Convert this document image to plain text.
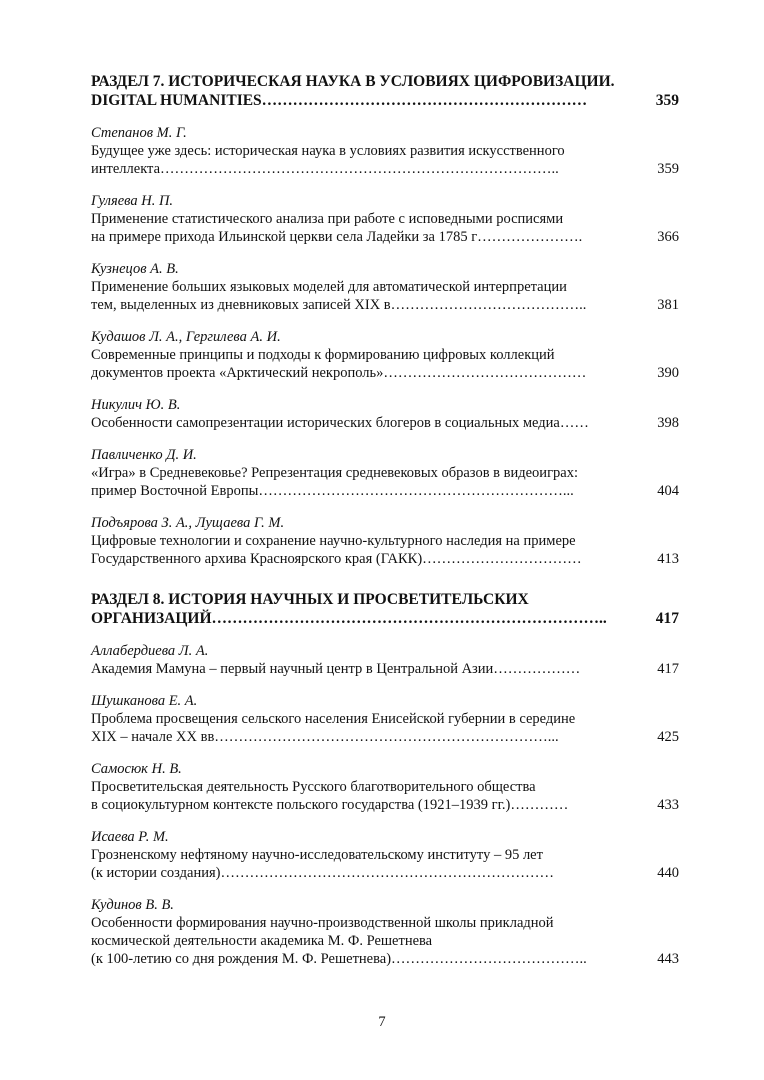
РАЗДЕЛ 7. ИСТОРИЧЕСКАЯ НАУКА В УСЛОВИЯХ ЦИФРОВИЗАЦИИ.
DIGITAL HUMANITIES………………………………………………………	359
Степанов М. Г.
Будущее уже здесь: историческая наука в условиях развития искусственного
интеллекта………………………………………………………………………..	359
Гуляева Н. П.
Применение статистического анализа при работе с исповедными росписями
на примере прихода Ильинской церкви села Ладейки за 1785 г………………….	366
Кузнецов А. В.
Применение больших языковых моделей для автоматической интерпретации
тем, выделенных из дневниковых записей XIX в…………………………………..	381
Кудашов Л. А., Гергилева А. И.
Современные принципы и подходы к формированию цифровых коллекций
документов проекта «Арктический некрополь»……………………………………	390
Никулич Ю. В.
Особенности самопрезентации исторических блогеров в социальных медиа……	398
Павличенко Д. И.
«Игра» в Средневековье? Репрезентация средневековых образов в видеоиграх:
пример Восточной Европы………………………………………………………...	404
Подъярова З. А., Лущаева Г. М.
Цифровые технологии и сохранение научно-культурного наследия на примере
Государственного архива Красноярского края (ГАКК)……………………………	413
РАЗДЕЛ 8. ИСТОРИЯ НАУЧНЫХ И ПРОСВЕТИТЕЛЬСКИХ
ОРГАНИЗАЦИЙ…………………………………………………………………..	417
Аллабердиева Л. А.
Академия Мамуна – первый научный центр в Центральной Азии………………	417
Шушканова Е. А.
Проблема просвещения сельского населения Енисейской губернии в середине
XIX – начале XX вв……………………………………………………………...	425
Самосюк Н. В.
Просветительская деятельность Русского благотворительного общества
в социокультурном контексте польского государства (1921–1939 гг.)…………	433
Исаева Р. М.
Грозненскому нефтяному научно-исследовательскому институту – 95 лет
(к истории создания)……………………………………………………………	440
Кудинов В. В.
Особенности формирования научно-производственной школы прикладной
космической деятельности академика М. Ф. Решетнева
(к 100-летию со дня рождения М. Ф. Решетнева)…………………………………..	443
7
